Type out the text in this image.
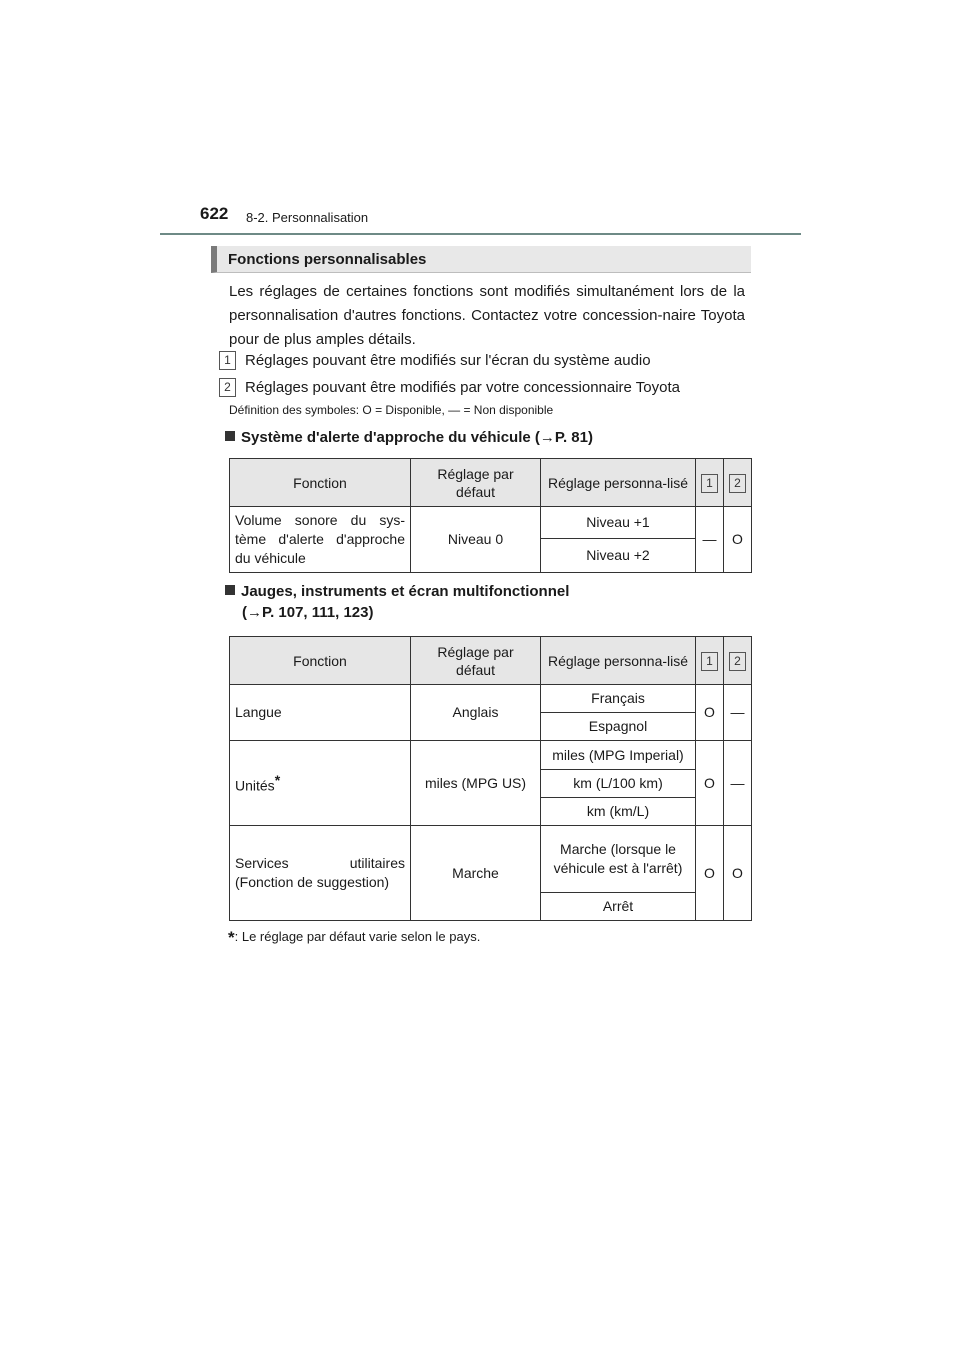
622 8-2. Personnalisation
Fonctions personnalisables
Les réglages de certaines fonctions sont modifiés simultanément lors de la personnalisation d'autres fonctions. Contactez votre concession-naire Toyota pour de plus amples détails.
1 Réglages pouvant être modifiés sur l'écran du système audio
2 Réglages pouvant être modifiés par votre concessionnaire Toyota
Définition des symboles: O = Disponible, — = Non disponible
Système d'alerte d'approche du véhicule (→P. 81)
Fonction	Réglage par défaut	Réglage personna-lisé	1	2
Volume sonore du sys-tème d'alerte d'approche du véhicule	Niveau 0	Niveau +1	—	O
		Niveau +2		
Jauges, instruments et écran multifonctionnel
(→P. 107, 111, 123)
Fonction	Réglage par défaut	Réglage personna-lisé	1	2
Langue	Anglais	Français	O	—
		Espagnol		
Unités*	miles (MPG US)	miles (MPG Imperial)	O	—
		km (L/100 km)		
		km (km/L)		
Services utilitaires (Fonction de suggestion)	Marche	Marche (lorsque le véhicule est à l'arrêt)	O	O
		Arrêt		
*: Le réglage par défaut varie selon le pays.
